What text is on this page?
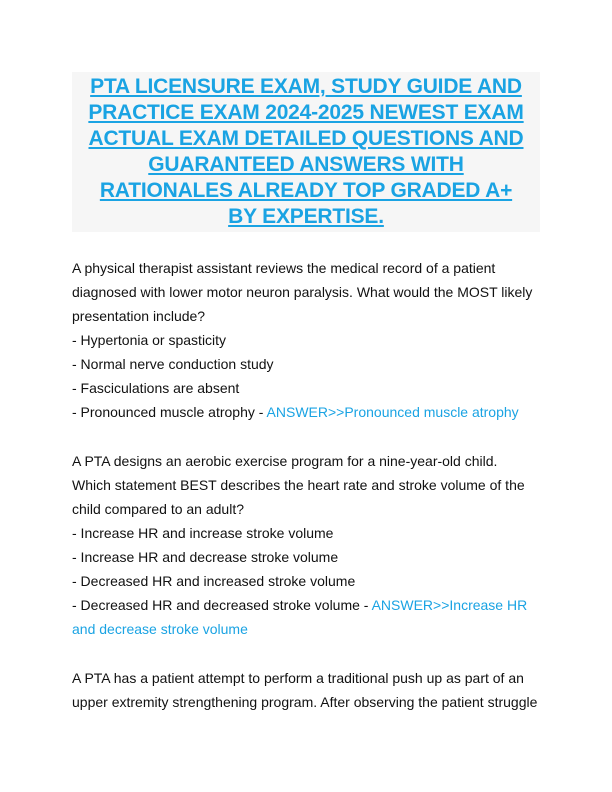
PTA LICENSURE EXAM, STUDY GUIDE AND
PRACTICE EXAM 2024-2025 NEWEST EXAM
ACTUAL EXAM DETAILED QUESTIONS AND
GUARANTEED ANSWERS WITH
RATIONALES ALREADY TOP GRADED A+
BY EXPERTISE.
A physical therapist assistant reviews the medical record of a patient
diagnosed with lower motor neuron paralysis. What would the MOST likely
presentation include?
- Hypertonia or spasticity
- Normal nerve conduction study
- Fasciculations are absent
- Pronounced muscle atrophy - ANSWER>>Pronounced muscle atrophy
A PTA designs an aerobic exercise program for a nine-year-old child.
Which statement BEST describes the heart rate and stroke volume of the
child compared to an adult?
- Increase HR and increase stroke volume
- Increase HR and decrease stroke volume
- Decreased HR and increased stroke volume
- Decreased HR and decreased stroke volume - ANSWER>>Increase HR
and decrease stroke volume
A PTA has a patient attempt to perform a traditional push up as part of an
upper extremity strengthening program. After observing the patient struggle
